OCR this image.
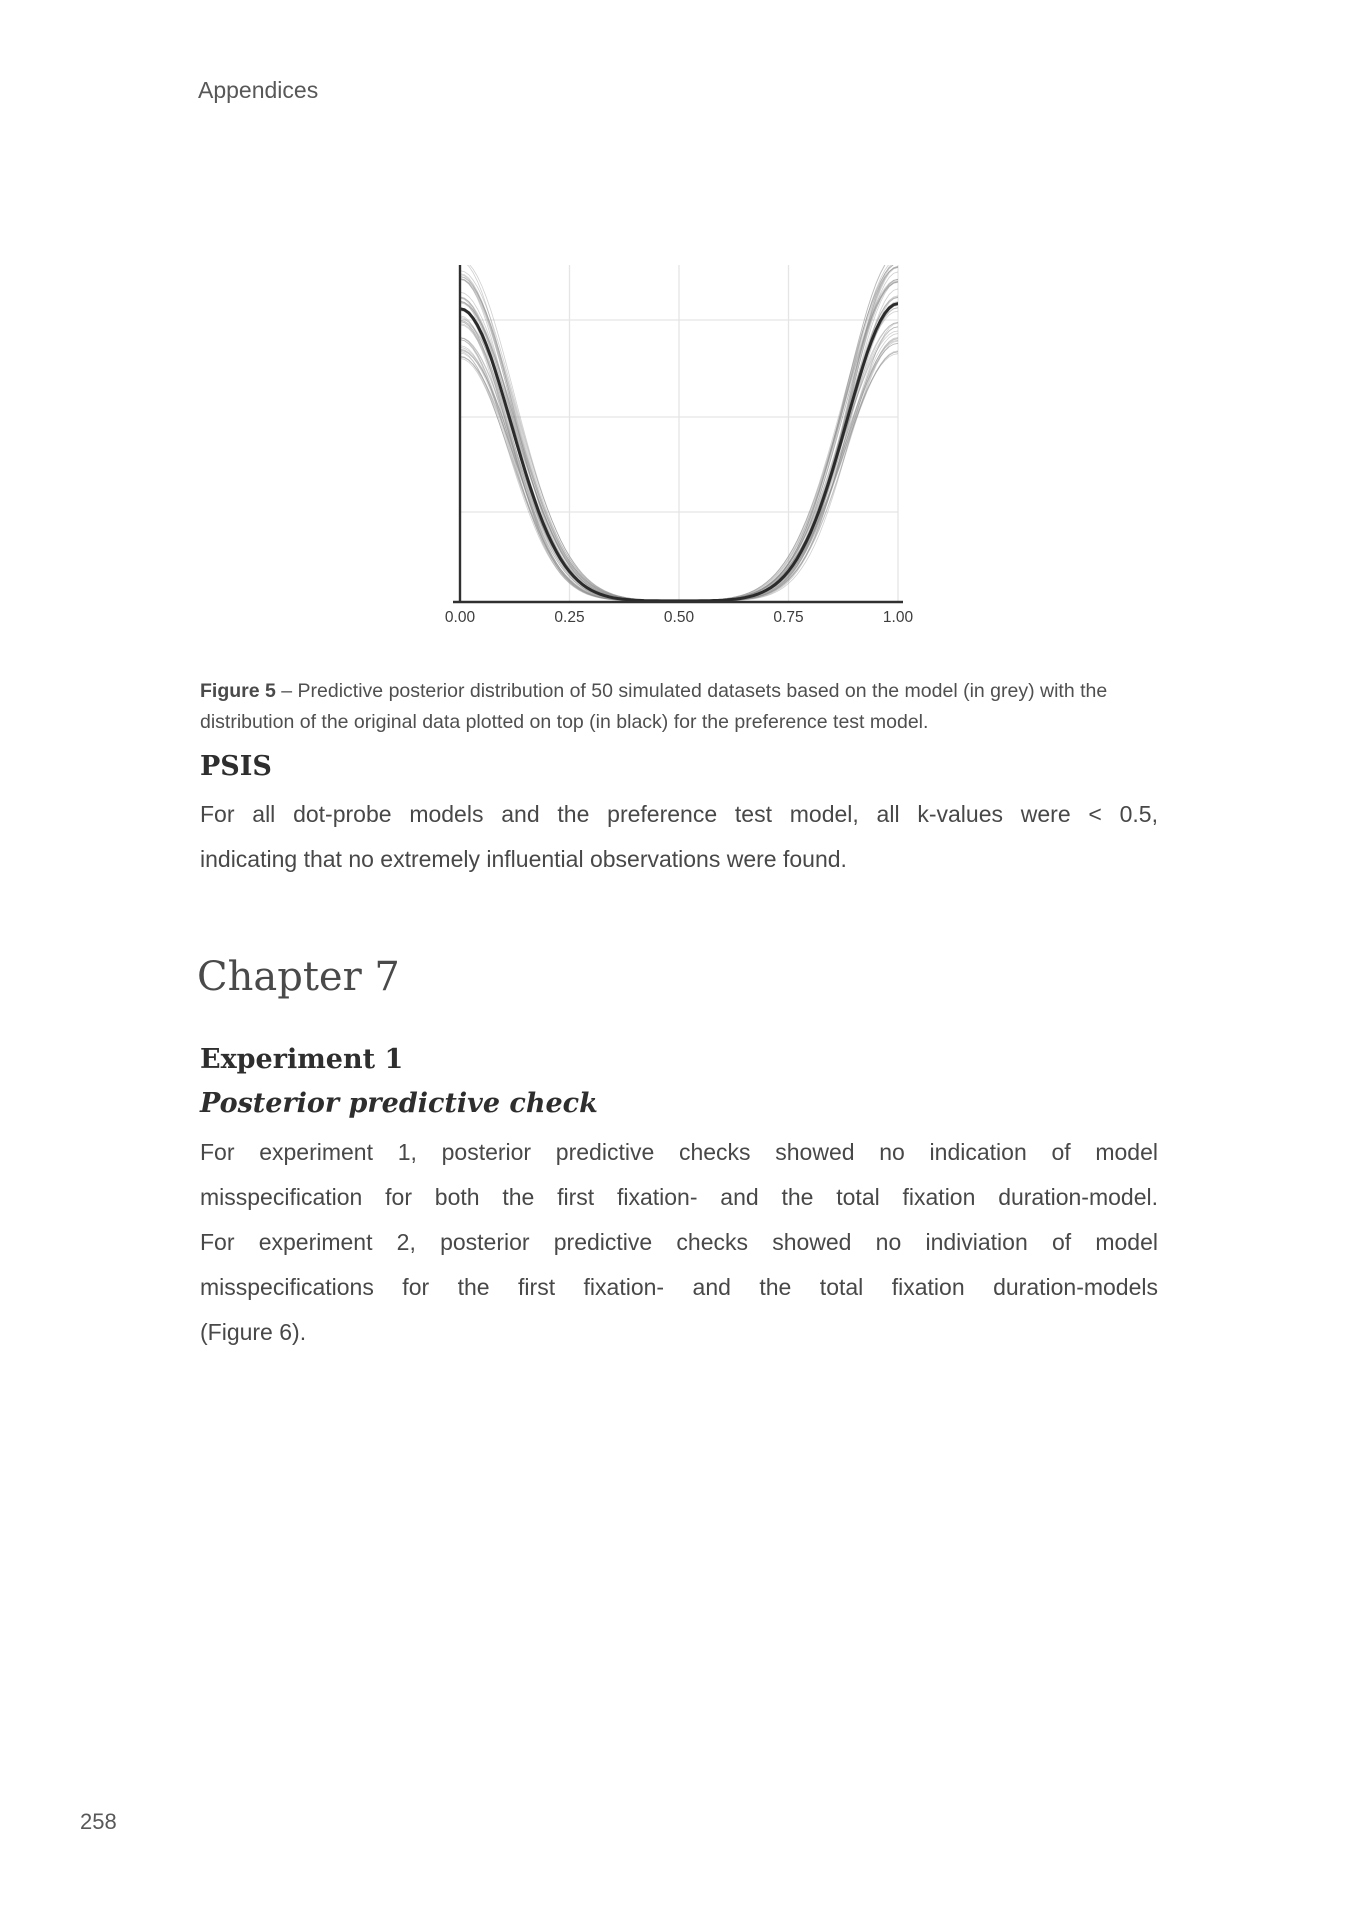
Appendices
0.00	0.25	0.50	0.75	1.00
Figure 5 – Predictive posterior distribution of 50 simulated datasets based on the model (in grey) with the distribution of the original data plotted on top (in black) for the preference test model.
PSIS
For all dot-probe models and the preference test model, all k-values were < 0.5,
indicating that no extremely influential observations were found.
Chapter 7
Experiment 1
Posterior predictive check
For experiment 1, posterior predictive checks showed no indication of model
misspecification for both the first fixation- and the total fixation duration-model.
For experiment 2, posterior predictive checks showed no indiviation of model
misspecifications for the first fixation- and the total fixation duration-models
(Figure 6).
258
